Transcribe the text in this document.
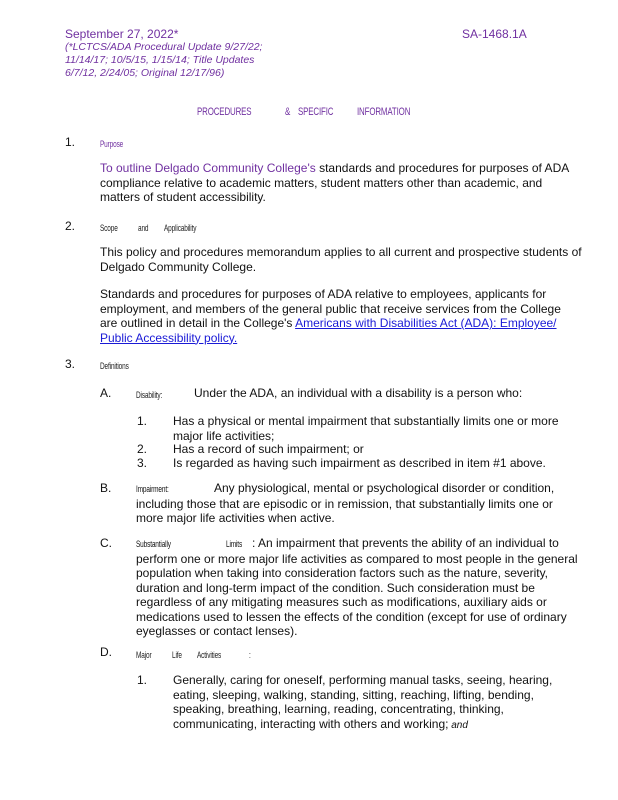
September 27, 2022*	SA-1468.1A
(*LCTCS/ADA Procedural Update 9/27/22;
11/14/17; 10/5/15, 1/15/14; Title Updates
6/7/12, 2/24/05; Original 12/17/96)
PROCEDURES	& SPECIFIC	INFORMATION
1.	Purpose
To outline Delgado Community College's standards and procedures for purposes of ADA compliance relative to academic matters, student matters other than academic, and matters of student accessibility.
2.	Scope	and	Applicability
This policy and procedures memorandum applies to all current and prospective students of Delgado Community College.
Standards and procedures for purposes of ADA relative to employees, applicants for employment, and members of the general public that receive services from the College are outlined in detail in the College's Americans with Disabilities Act (ADA): Employee/ Public Accessibility policy.
3.	Definitions
A.	Disability:	Under the ADA, an individual with a disability is a person who:
1. Has a physical or mental impairment that substantially limits one or more major life activities;
2. Has a record of such impairment; or
3. Is regarded as having such impairment as described in item #1 above.
B.	Impairment:	Any physiological, mental or psychological disorder or condition, including those that are episodic or in remission, that substantially limits one or more major life activities when active.
C.	Substantially	Limits : An impairment that prevents the ability of an individual to perform one or more major life activities as compared to most people in the general population when taking into consideration factors such as the nature, severity, duration and long-term impact of the condition. Such consideration must be regardless of any mitigating measures such as modifications, auxiliary aids or medications used to lessen the effects of the condition (except for use of ordinary eyeglasses or contact lenses).
D.	Major	Life	Activities	:
1. Generally, caring for oneself, performing manual tasks, seeing, hearing, eating, sleeping, walking, standing, sitting, reaching, lifting, bending, speaking, breathing, learning, reading, concentrating, thinking, communicating, interacting with others and working; and
